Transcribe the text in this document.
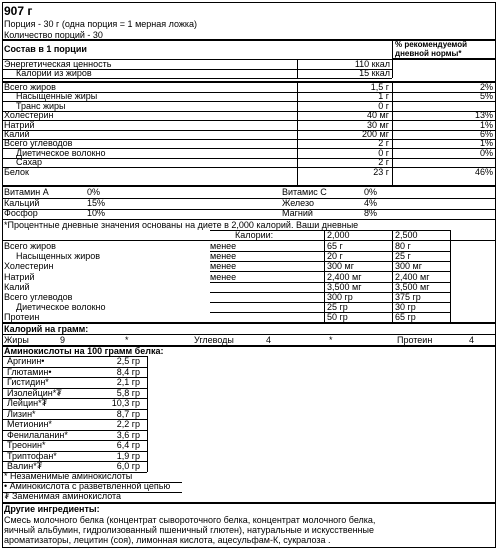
907 г
Порция - 30 г (одна порция = 1 мерная ложка)
Количество порций - 30
Состав в 1 порции	% рекомендуемой
дневной нормы*
Энергетическая ценность	110 ккал
Калории из жиров	15 ккал
Всего жиров	1,5 г	2%
Насыщенные жиры	1 г	5%
Транс жиры	0 г
Холестерин	40 мг	13%
Натрий	30 мг	1%
Калий	200 мг	6%
Всего углеводов	2 г	1%
Диетическое волокно	0 г	0%
Сахар	2 г
Белок	23 г	46%
Витамин А	0%	Витамис С	0%
Кальций	15%	Железо	4%
Фосфор	10%	Магний	8%
*Процентные дневные значения основаны на диете в 2,000 калорий. Ваши дневные
Калории:	2,000	2,500
Всего жиров	менее	65 г	80 г
Насыщенных жиров	менее	20 г	25 г
Холестерин	менее	300 мг	300 мг
Натрий	менее	2,400 мг	2,400 мг
Калий	3,500 мг	3,500 мг
Всего углеводов	300 гр	375 гр
Диетическое волокно	25 гр	30 гр
Протеин	50 гр	65 гр
Калорий на грамм:
Жиры	9	*	Углеводы	4	*	Протеин	4
Аминокислоты на 100 грамм белка:
Аргинин•	2,5 гр
Глютамин•	8,4 гр
Гистидин*	2,1 гр
Изолейцин*₮	5,8 гр
Лейцин*₮	10,3 гр
Лизин*	8,7 гр
Метионин*	2,2 гр
Фенилаланин*	3,6 гр
Треонин*	6,4 гр
Триптофан*	1,9 гр
Валин*₮	6,0 гр
* Незаменимые аминокислоты
• Аминокислота с разветвленной цепью
₮ Заменимая аминокислота
Другие ингредиенты:
Смесь молочного белка (концентрат сывороточного белка, концентрат молочного белка,
яичный альбумин, гидролизованный пшеничный глютен), натуральные и искусственные
ароматизаторы, лецитин (соя), лимонная кислота, ацесульфам-К, сукралоза .
